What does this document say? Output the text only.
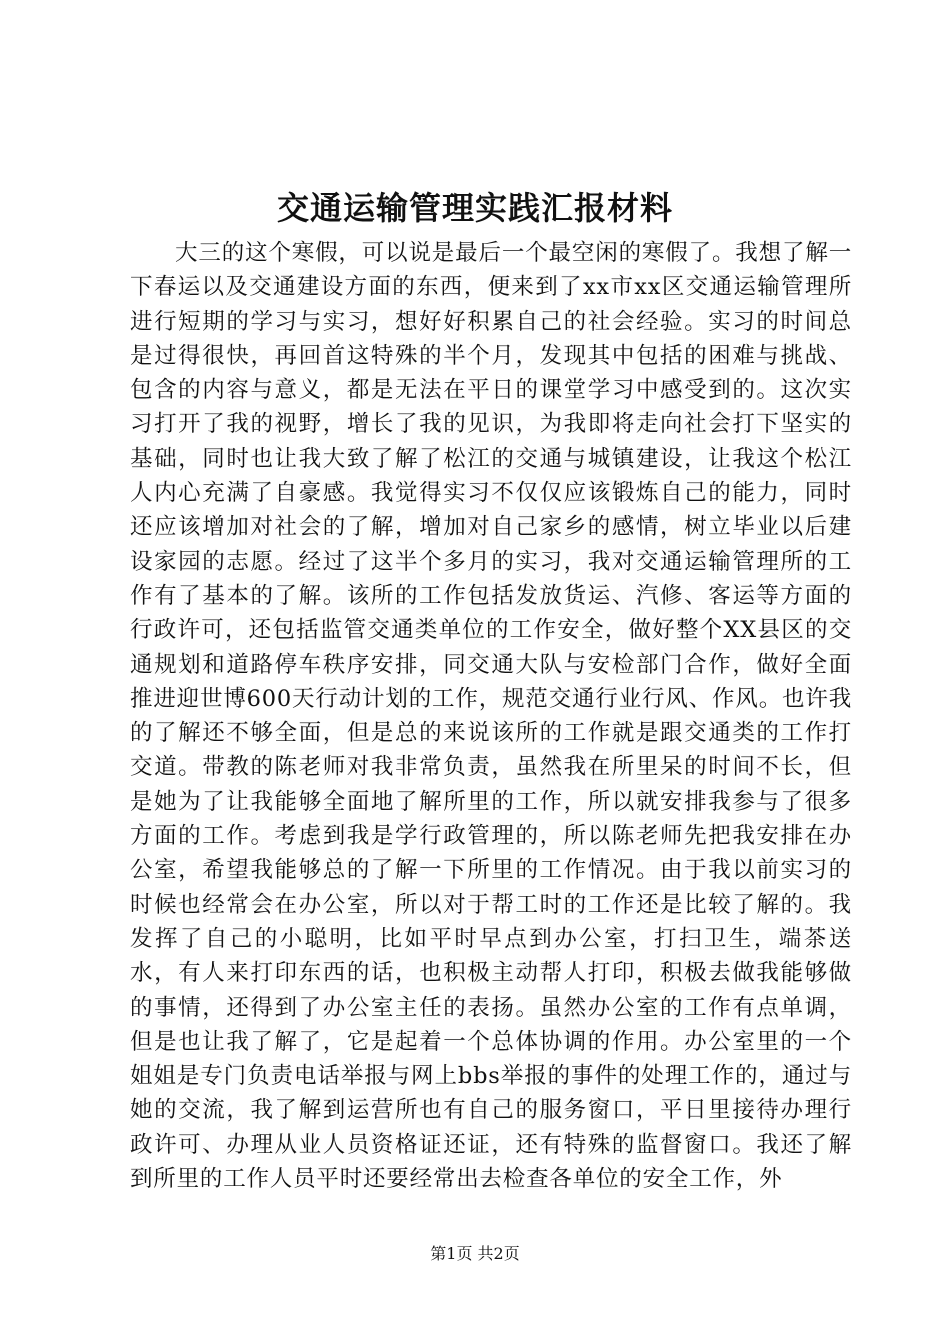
交通运输管理实践汇报材料
大三的这个寒假，可以说是最后一个最空闲的寒假了。我想了解一下春运以及交通建设方面的东西，便来到了xx市xx区交通运输管理所进行短期的学习与实习，想好好积累自己的社会经验。实习的时间总是过得很快，再回首这特殊的半个月，发现其中包括的困难与挑战、包含的内容与意义，都是无法在平日的课堂学习中感受到的。这次实习打开了我的视野，增长了我的见识，为我即将走向社会打下坚实的基础，同时也让我大致了解了松江的交通与城镇建设，让我这个松江人内心充满了自豪感。我觉得实习不仅仅应该锻炼自己的能力，同时还应该增加对社会的了解，增加对自己家乡的感情，树立毕业以后建设家园的志愿。经过了这半个多月的实习，我对交通运输管理所的工作有了基本的了解。该所的工作包括发放货运、汽修、客运等方面的行政许可，还包括监管交通类单位的工作安全，做好整个XX县区的交通规划和道路停车秩序安排，同交通大队与安检部门合作，做好全面推进迎世博600天行动计划的工作，规范交通行业行风、作风。也许我的了解还不够全面，但是总的来说该所的工作就是跟交通类的工作打交道。带教的陈老师对我非常负责，虽然我在所里呆的时间不长，但是她为了让我能够全面地了解所里的工作，所以就安排我参与了很多方面的工作。考虑到我是学行政管理的，所以陈老师先把我安排在办公室，希望我能够总的了解一下所里的工作情况。由于我以前实习的时候也经常会在办公室，所以对于帮工时的工作还是比较了解的。我发挥了自己的小聪明，比如平时早点到办公室，打扫卫生，端茶送水，有人来打印东西的话，也积极主动帮人打印，积极去做我能够做的事情，还得到了办公室主任的表扬。虽然办公室的工作有点单调，但是也让我了解了，它是起着一个总体协调的作用。办公室里的一个姐姐是专门负责电话举报与网上bbs举报的事件的处理工作的，通过与她的交流，我了解到运营所也有自己的服务窗口，平日里接待办理行政许可、办理从业人员资格证还证，还有特殊的监督窗口。我还了解到所里的工作人员平时还要经常出去检查各单位的安全工作，外
第1页 共2页
